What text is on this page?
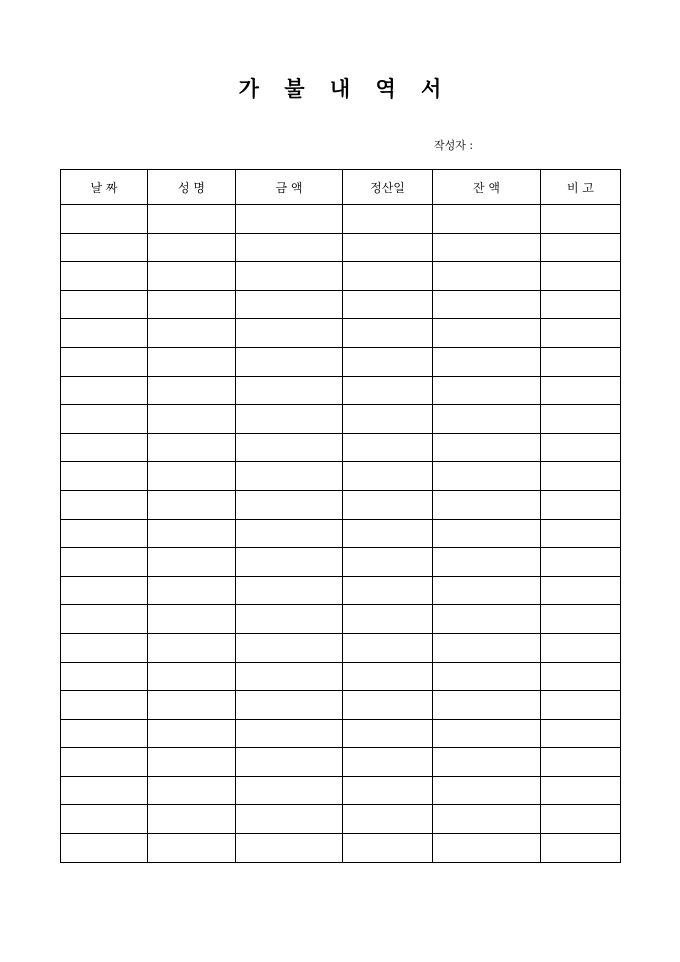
가 불 내 역 서
작성자 :
날 짜	성 명	금 액	정산일	잔 액	비 고
